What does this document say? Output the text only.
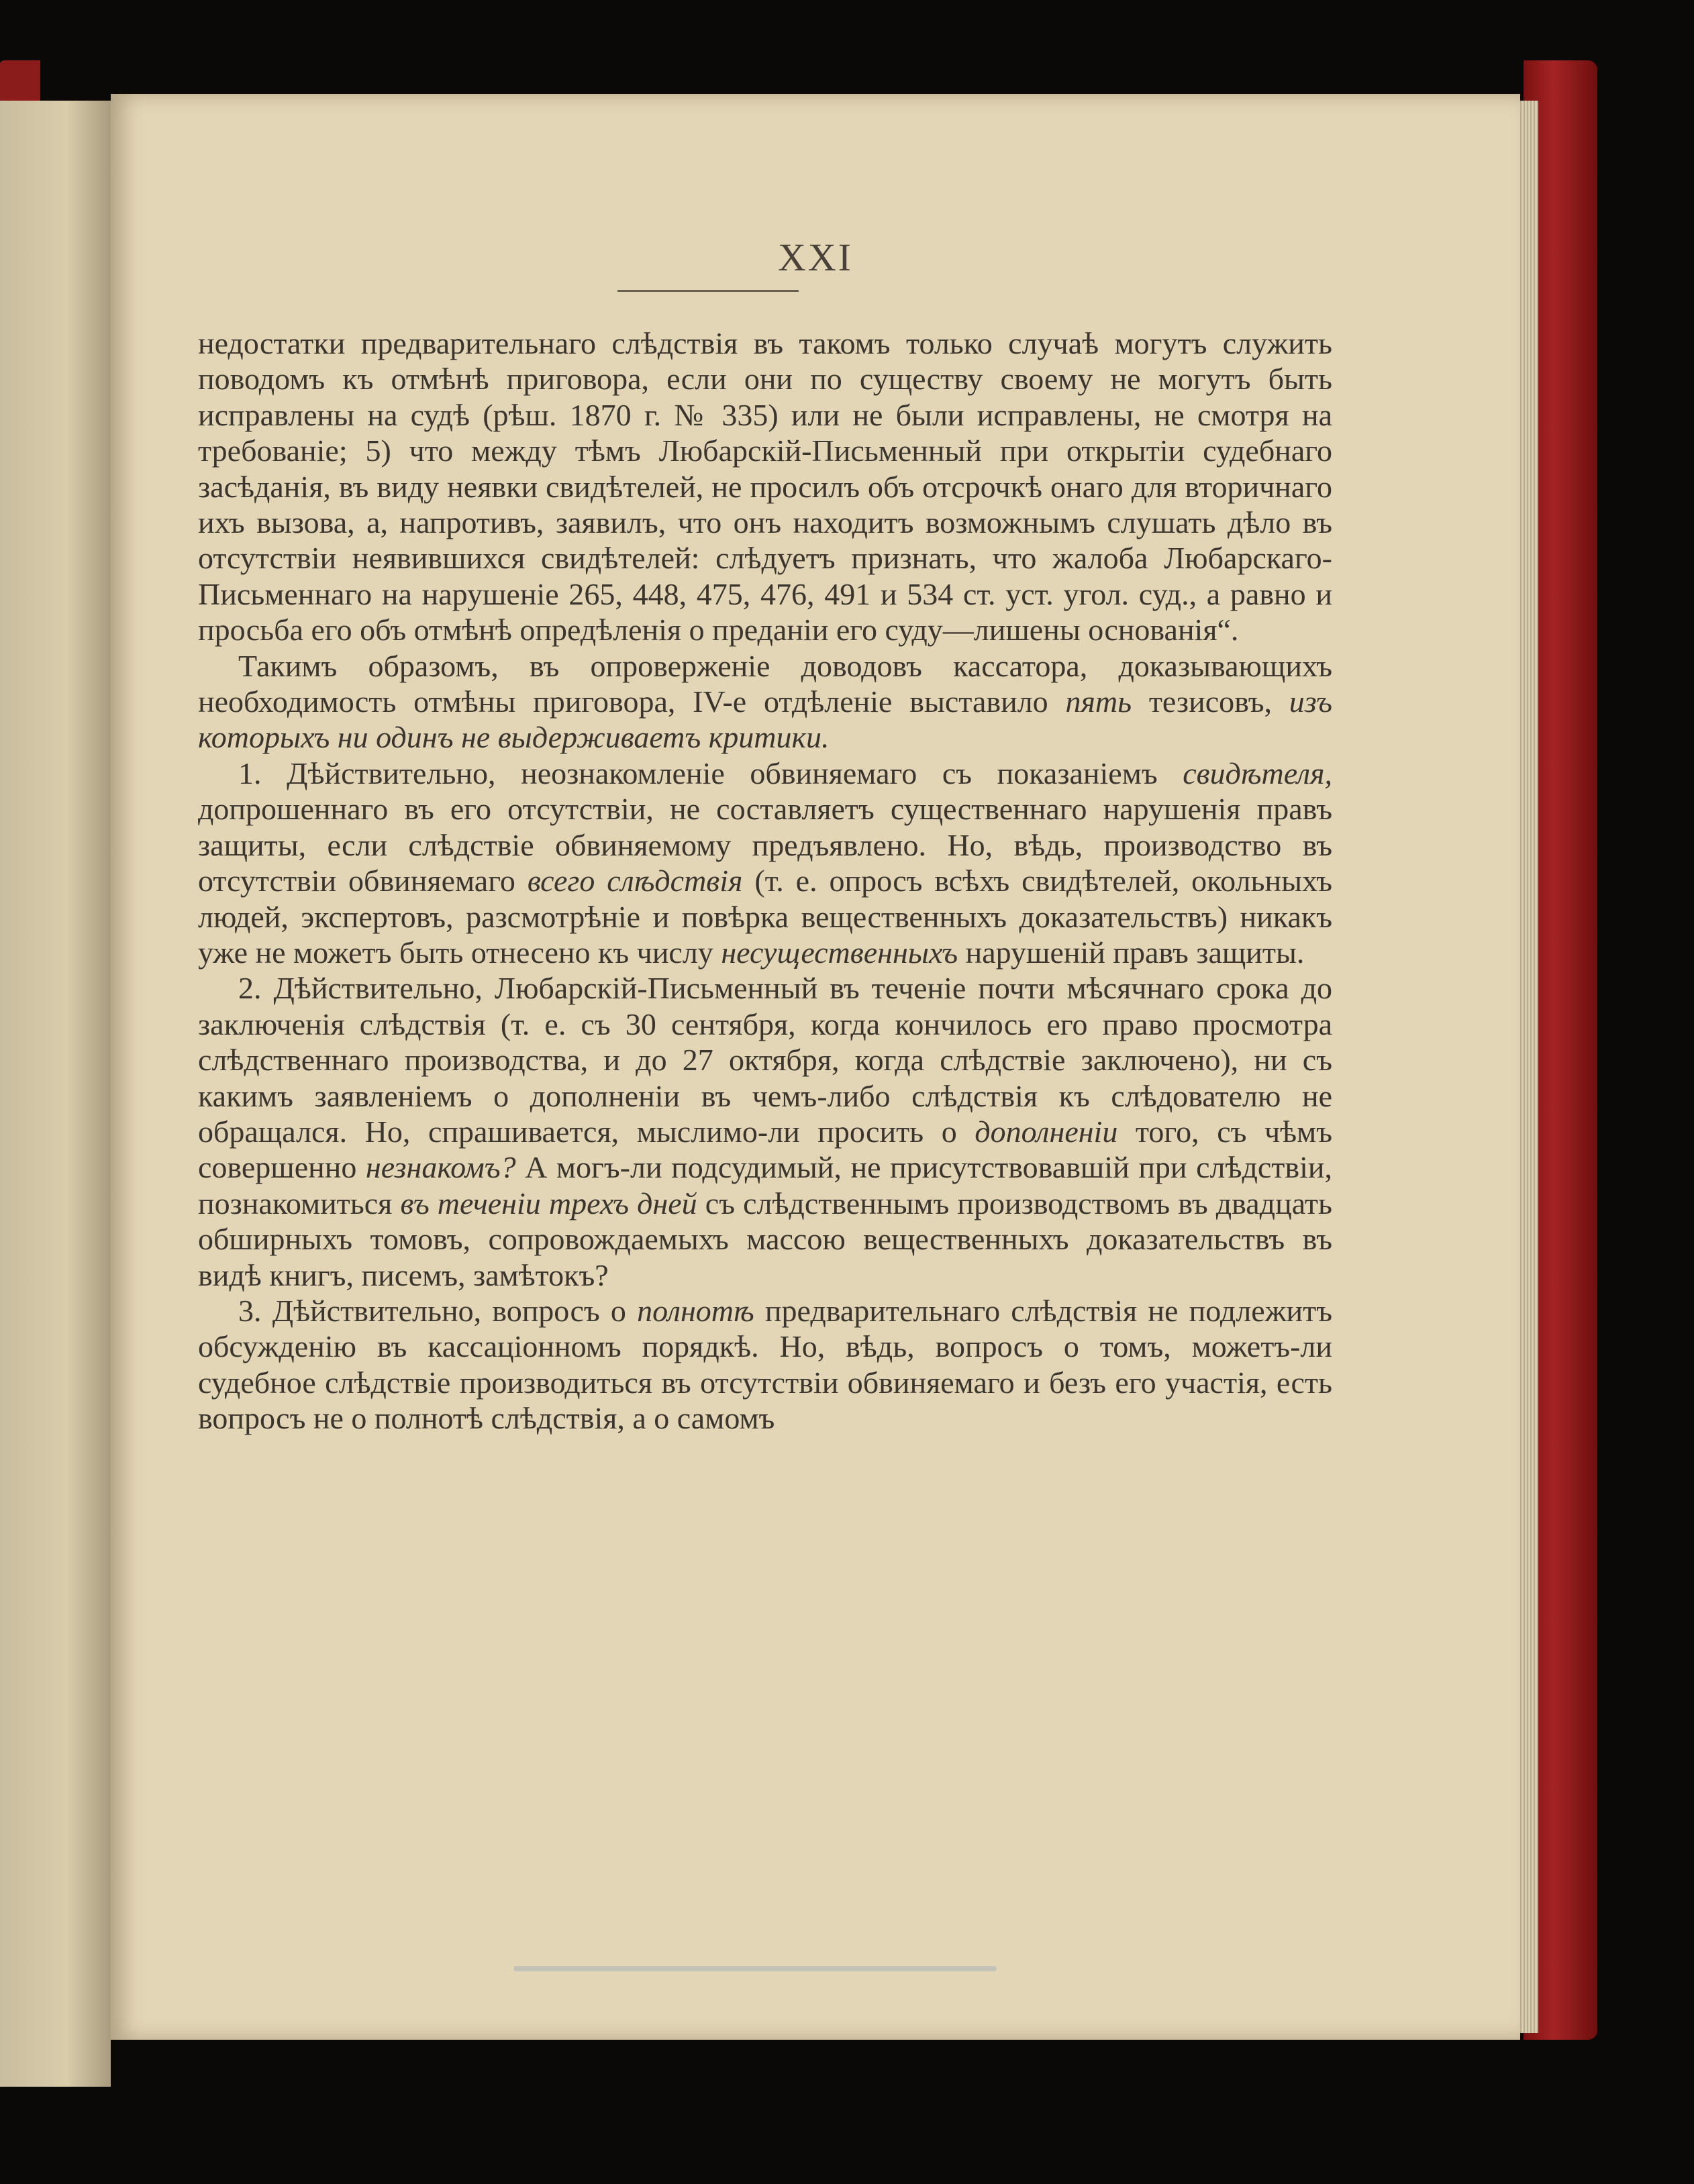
XXI

недостатки предварительнаго слѣдствія въ такомъ только случаѣ могутъ служить поводомъ къ отмѣнѣ приговора, если они по существу своему не могутъ быть исправлены на судѣ (рѣш. 1870 г. № 335) или не были исправлены, не смотря на требованіе; 5) что между тѣмъ Любарскій-Письменный при открытіи судебнаго засѣданія, въ виду неявки свидѣтелей, не просилъ объ отсрочкѣ онаго для вторичнаго ихъ вызова, а, напротивъ, заявилъ, что онъ находитъ возможнымъ слушать дѣло въ отсутствіи неявившихся свидѣтелей: слѣдуетъ признать, что жалоба Любарскаго-Письменнаго на нарушеніе 265, 448, 475, 476, 491 и 534 ст. уст. угол. суд., а равно и просьба его объ отмѣнѣ опредѣленія о преданіи его суду—лишены основанія“.

Такимъ образомъ, въ опроверженіе доводовъ кассатора, доказывающихъ необходимость отмѣны приговора, IV-е отдѣленіе выставило пять тезисовъ, изъ которыхъ ни одинъ не выдерживаетъ критики.

1. Дѣйствительно, неознакомленіе обвиняемаго съ показаніемъ свидѣтеля, допрошеннаго въ его отсутствіи, не составляетъ существеннаго нарушенія правъ защиты, если слѣдствіе обвиняемому предъявлено. Но, вѣдь, производство въ отсутствіи обвиняемаго всего слѣдствія (т. е. опросъ всѣхъ свидѣтелей, окольныхъ людей, экспертовъ, разсмотрѣніе и повѣрка вещественныхъ доказательствъ) никакъ уже не можетъ быть отнесено къ числу несущественныхъ нарушеній правъ защиты.

2. Дѣйствительно, Любарскій-Письменный въ теченіе почти мѣсячнаго срока до заключенія слѣдствія (т. е. съ 30 сентября, когда кончилось его право просмотра слѣдственнаго производства, и до 27 октября, когда слѣдствіе заключено), ни съ какимъ заявленіемъ о дополненіи въ чемъ-либо слѣдствія къ слѣдователю не обращался. Но, спрашивается, мыслимо-ли просить о дополненіи того, съ чѣмъ совершенно незнакомъ? А могъ-ли подсудимый, не присутствовавшій при слѣдствіи, познакомиться въ теченіи трехъ дней съ слѣдственнымъ производствомъ въ двадцать обширныхъ томовъ, сопровождаемыхъ массою вещественныхъ доказательствъ въ видѣ книгъ, писемъ, замѣтокъ?

3. Дѣйствительно, вопросъ о полнотѣ предварительнаго слѣдствія не подлежитъ обсужденію въ кассаціонномъ порядкѣ. Но, вѣдь, вопросъ о томъ, можетъ-ли судебное слѣдствіе производиться въ отсутствіи обвиняемаго и безъ его участія, есть вопросъ не о полнотѣ слѣдствія, а о самомъ
